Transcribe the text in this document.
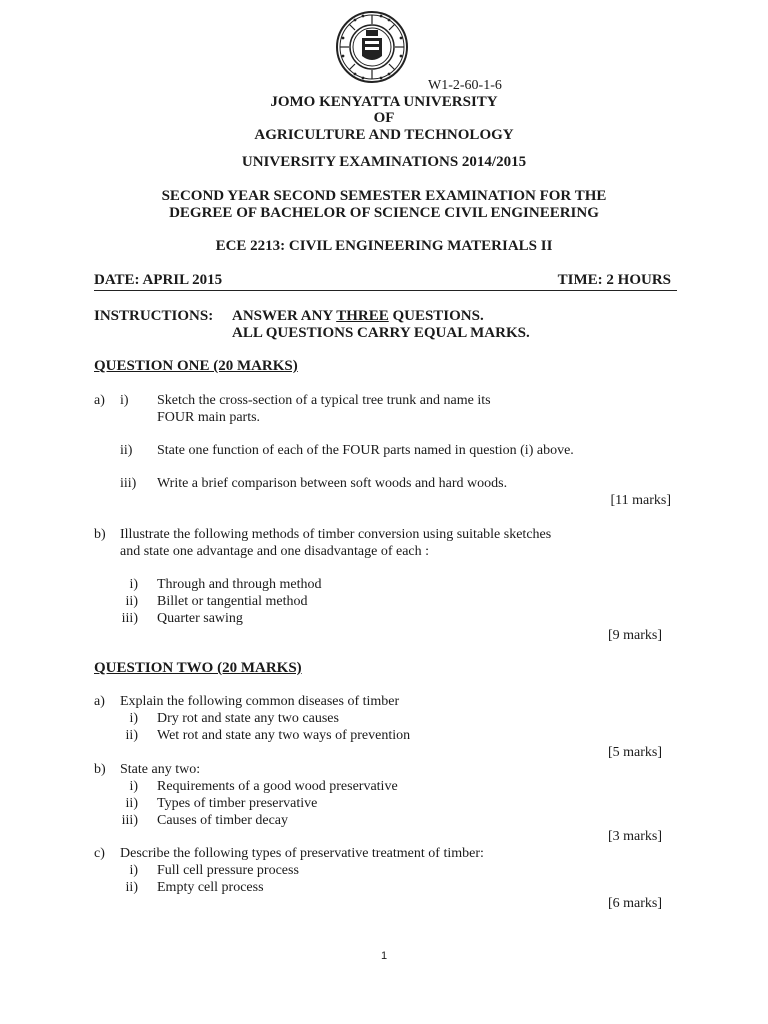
W1-2-60-1-6
JOMO KENYATTA UNIVERSITY
OF
AGRICULTURE AND TECHNOLOGY
UNIVERSITY EXAMINATIONS 2014/2015
SECOND YEAR SECOND SEMESTER EXAMINATION FOR THE
DEGREE OF BACHELOR OF SCIENCE CIVIL ENGINEERING
ECE 2213: CIVIL ENGINEERING MATERIALS II
DATE: APRIL 2015	TIME: 2 HOURS
INSTRUCTIONS: ANSWER ANY THREE QUESTIONS.
ALL QUESTIONS CARRY EQUAL MARKS.
QUESTION ONE (20 MARKS)
a) i) Sketch the cross-section of a typical tree trunk and name its
FOUR main parts.
ii) State one function of each of the FOUR parts named in question (i) above.
iii) Write a brief comparison between soft woods and hard woods.
[11 marks]
b) Illustrate the following methods of timber conversion using suitable sketches
and state one advantage and one disadvantage of each :
i) Through and through method
ii) Billet or tangential method
iii) Quarter sawing
[9 marks]
QUESTION TWO (20 MARKS)
a) Explain the following common diseases of timber
i) Dry rot and state any two causes
ii) Wet rot and state any two ways of prevention
[5 marks]
b) State any two:
i) Requirements of a good wood preservative
ii) Types of timber preservative
iii) Causes of timber decay
[3 marks]
c) Describe the following types of preservative treatment of timber:
i) Full cell pressure process
ii) Empty cell process
[6 marks]
1
